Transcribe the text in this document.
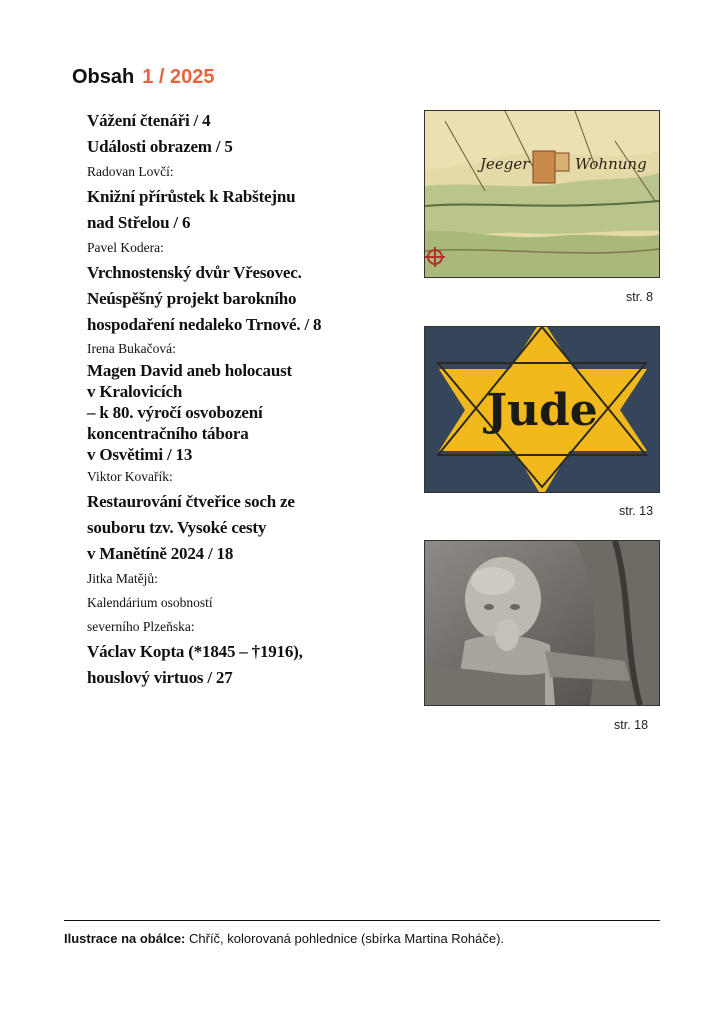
Obsah 1 / 2025
Vážení čtenáři / 4
Události obrazem / 5
Radovan Lovčí:
Knižní přírůstek k Rabštejnu
nad Střelou / 6
Pavel Kodera:
Vrchnostenský dvůr Vřesovec.
Neúspěšný projekt barokního
hospodaření nedaleko Trnové. / 8
Irena Bukačová:
Magen David aneb holocaust
v Kralovicích
– k 80. výročí osvobození
koncentračního tábora
v Osvětimi / 13
Viktor Kovařík:
Restaurování čtveřice soch ze
souboru tzv. Vysoké cesty
v Manětíně 2024 / 18
Jitka Matějů:
Kalendárium osobností
severního Plzeňska:
Václav Kopta (*1845 – †1916),
houslový virtuos / 27
Jeeger	Wohnung
str. 8
Jude
str. 13
str. 18
Ilustrace na obálce: Chříč, kolorovaná pohlednice (sbírka Martina Roháče).
